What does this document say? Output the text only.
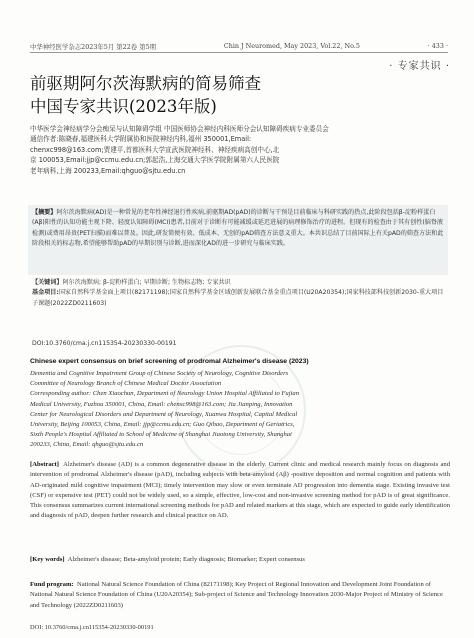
中华神经医学杂志2023年5月 第22卷 第5期	Chin J Neuromed, May 2023, Vol.22, No.5	· 433 ·
· 专家共识 ·
前驱期阿尔茨海默病的简易筛查
中国专家共识(2023年版)
中华医学会神经病学分会痴呆与认知障碍学组 中国医师协会神经内科医师分会认知障碍疾病专业委员会
通信作者:陈晓春,福建医科大学附属协和医院神经内科,福州 350001,Email:
chenxc998@163.com;贾建平,首都医科大学宣武医院神经科、神经疾病高创中心,北
京 100053,Email:jjp@ccmu.edu.cn;郭起浩,上海交通大学医学院附属第六人民医院
老年病科,上海 200233,Email:qhguo@sjtu.edu.cn
【摘要】阿尔茨海默病(AD)是一种常见的老年性神经退行性疾病,前驱期AD(pAD)的诊断与干预是目前临床与科研实践的热点,此阶段包括β-淀粉样蛋白(Aβ)阳性的认知功能主观下降、轻度认知障碍(MCI)患者,目前对于诊断有可能减缓或延迟进展的病理修饰治疗的进程。但现有的检查由于其有创性(脑脊液检测)或费用昂贵(PET扫描)而难以普及。因此,研发简便有效、低成本、无创的pAD筛查方法意义重大。本共识总结了目前国际上有关pAD的筛查方法和此阶段相关的标志物,希望能够帮助pAD的早期识别与诊断,进而深化AD的进一步研究与临床实践。
【关键词】阿尔茨海默病; β-淀粉样蛋白; 早期诊断; 生物标志物; 专家共识
基金项目:国家自然科学基金面上项目(82171198);国家自然科学基金区域创新发展联合基金重点项目(U20A20354);国家科技部科技创新2030-重大项目子课题(2022ZD0211603)
DOI:10.3760/cma.j.cn115354-20230330-00191
Chinese expert consensus on brief screening of prodromal Alzheimer's disease (2023)
Dementia and Cognitive Impairment Group of Chinese Society of Neurology, Cognitive Disorders
Committee of Neurology Branch of Chinese Medical Doctor Association
Corresponding author: Chen Xiaochun, Department of Neurology Union Hospital Affiliated to Fujian
Medical University, Fuzhou 350001, China, Email: chenxc998@163.com; Jia Jianping, Innovation
Center for Neurological Disorders and Department of Neurology, Xuanwu Hospital, Capital Medical
University, Beijing 100053, China, Email: jjp@ccmu.edu.cn; Guo Qihao, Department of Geriatrics,
Sixth People's Hospital Affiliated to School of Medicine of Shanghai Jiaotong University, Shanghai
200233, China, Email: qhguo@sjtu.edu.cn
[Abstract] Alzheimer's disease (AD) is a common degenerative disease in the elderly. Current clinic and medical research mainly focus on diagnosis and intervention of prodromal Alzheimer's disease (pAD), including subjects with beta-amyloid (Aβ) -positive deposition and normal cognition and patients with AD-originated mild cognitive impairment (MCI); timely intervention may slow or even terminate AD progression into dementia stage. Existing invasive test (CSF) or expensive test (PET) could not be widely used, so a simple, effective, low-cost and non-invasive screening method for pAD is of great significance. This consensus summarizes current international screening methods for pAD and related markers at this stage, which are expected to guide early identification and diagnosis of pAD, deepen further research and clinical practice on AD.
[Key words] Alzheimer's disease; Beta-amyloid protein; Early diagnosis; Biomarker; Expert consensus
Fund program: National Natural Science Foundation of China (82171198); Key Project of Regional Innovation and Development Joint Foundation of National Natural Science Foundation of China (U20A20354); Sub-project of Science and Technology Innovation 2030-Major Project of Ministry of Science and Technology (2022ZD0211603)
DOI: 10.3760/cma.j.cn115354-20230330-00191
